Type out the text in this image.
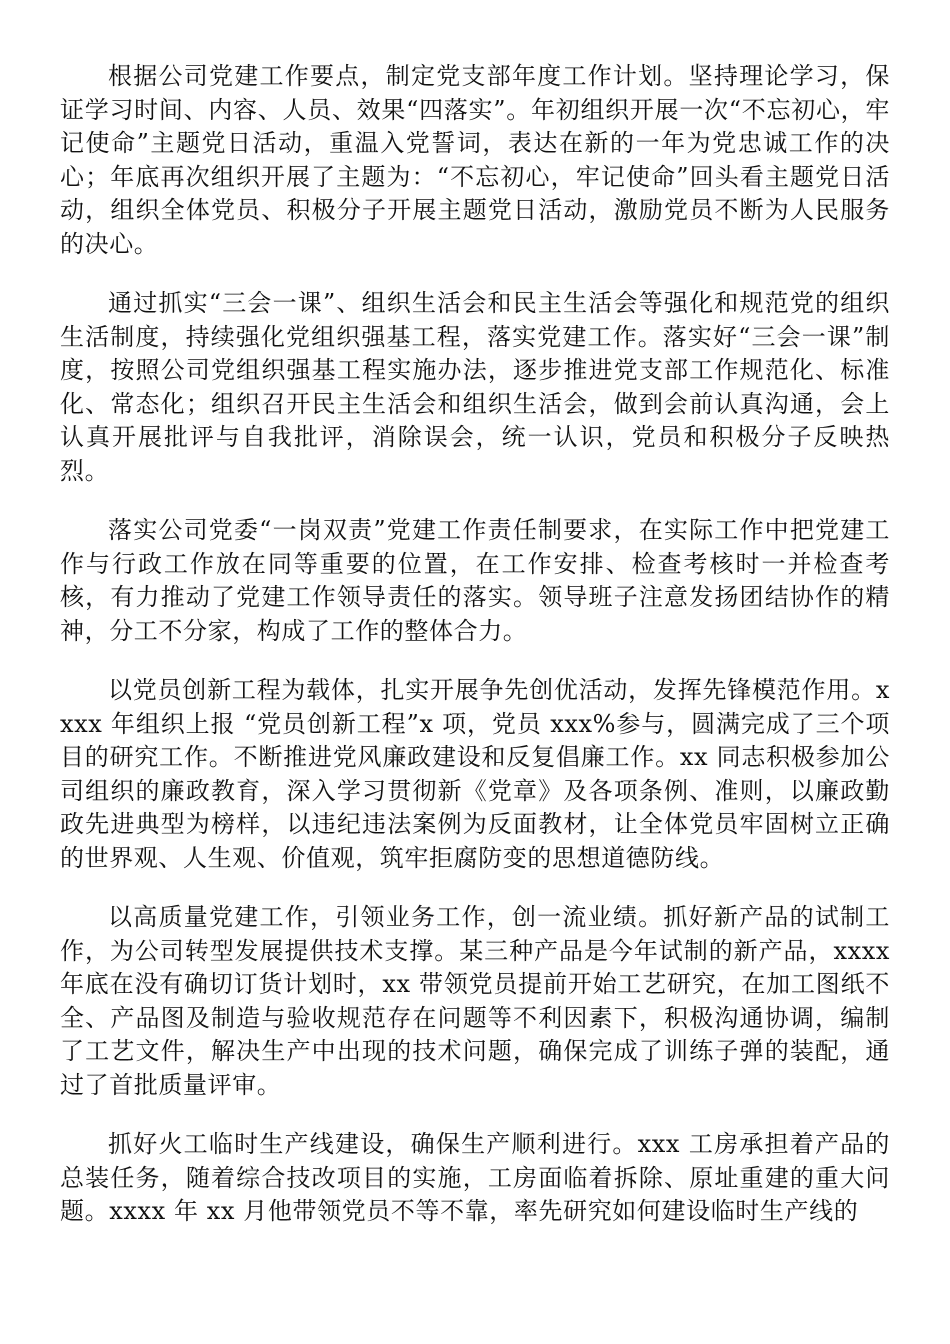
根据公司党建工作要点，制定党支部年度工作计划。坚持理论学习，保证学习时间、内容、人员、效果“四落实”。年初组织开展一次“不忘初心，牢记使命”主题党日活动，重温入党誓词，表达在新的一年为党忠诚工作的决心；年底再次组织开展了主题为：“不忘初心，牢记使命”回头看主题党日活动，组织全体党员、积极分子开展主题党日活动，激励党员不断为人民服务的决心。

通过抓实“三会一课”、组织生活会和民主生活会等强化和规范党的组织生活制度，持续强化党组织强基工程，落实党建工作。落实好“三会一课”制度，按照公司党组织强基工程实施办法，逐步推进党支部工作规范化、标准化、常态化；组织召开民主生活会和组织生活会，做到会前认真沟通，会上认真开展批评与自我批评，消除误会，统一认识，党员和积极分子反映热烈。

落实公司党委“一岗双责”党建工作责任制要求，在实际工作中把党建工作与行政工作放在同等重要的位置，在工作安排、检查考核时一并检查考核，有力推动了党建工作领导责任的落实。领导班子注意发扬团结协作的精神，分工不分家，构成了工作的整体合力。

以党员创新工程为载体，扎实开展争先创优活动，发挥先锋模范作用。xxxx 年组织上报 “党员创新工程”x 项，党员 xxx%参与，圆满完成了三个项目的研究工作。不断推进党风廉政建设和反复倡廉工作。xx 同志积极参加公司组织的廉政教育，深入学习贯彻新《党章》及各项条例、准则，以廉政勤政先进典型为榜样，以违纪违法案例为反面教材，让全体党员牢固树立正确的世界观、人生观、价值观，筑牢拒腐防变的思想道德防线。

以高质量党建工作，引领业务工作，创一流业绩。抓好新产品的试制工作，为公司转型发展提供技术支撑。某三种产品是今年试制的新产品，xxxx 年底在没有确切订货计划时，xx 带领党员提前开始工艺研究，在加工图纸不全、产品图及制造与验收规范存在问题等不利因素下，积极沟通协调，编制了工艺文件，解决生产中出现的技术问题，确保完成了训练子弹的装配，通过了首批质量评审。

抓好火工临时生产线建设，确保生产顺利进行。xxx 工房承担着产品的总装任务，随着综合技改项目的实施，工房面临着拆除、原址重建的重大问题。xxxx 年 xx 月他带领党员不等不靠，率先研究如何建设临时生产线的
